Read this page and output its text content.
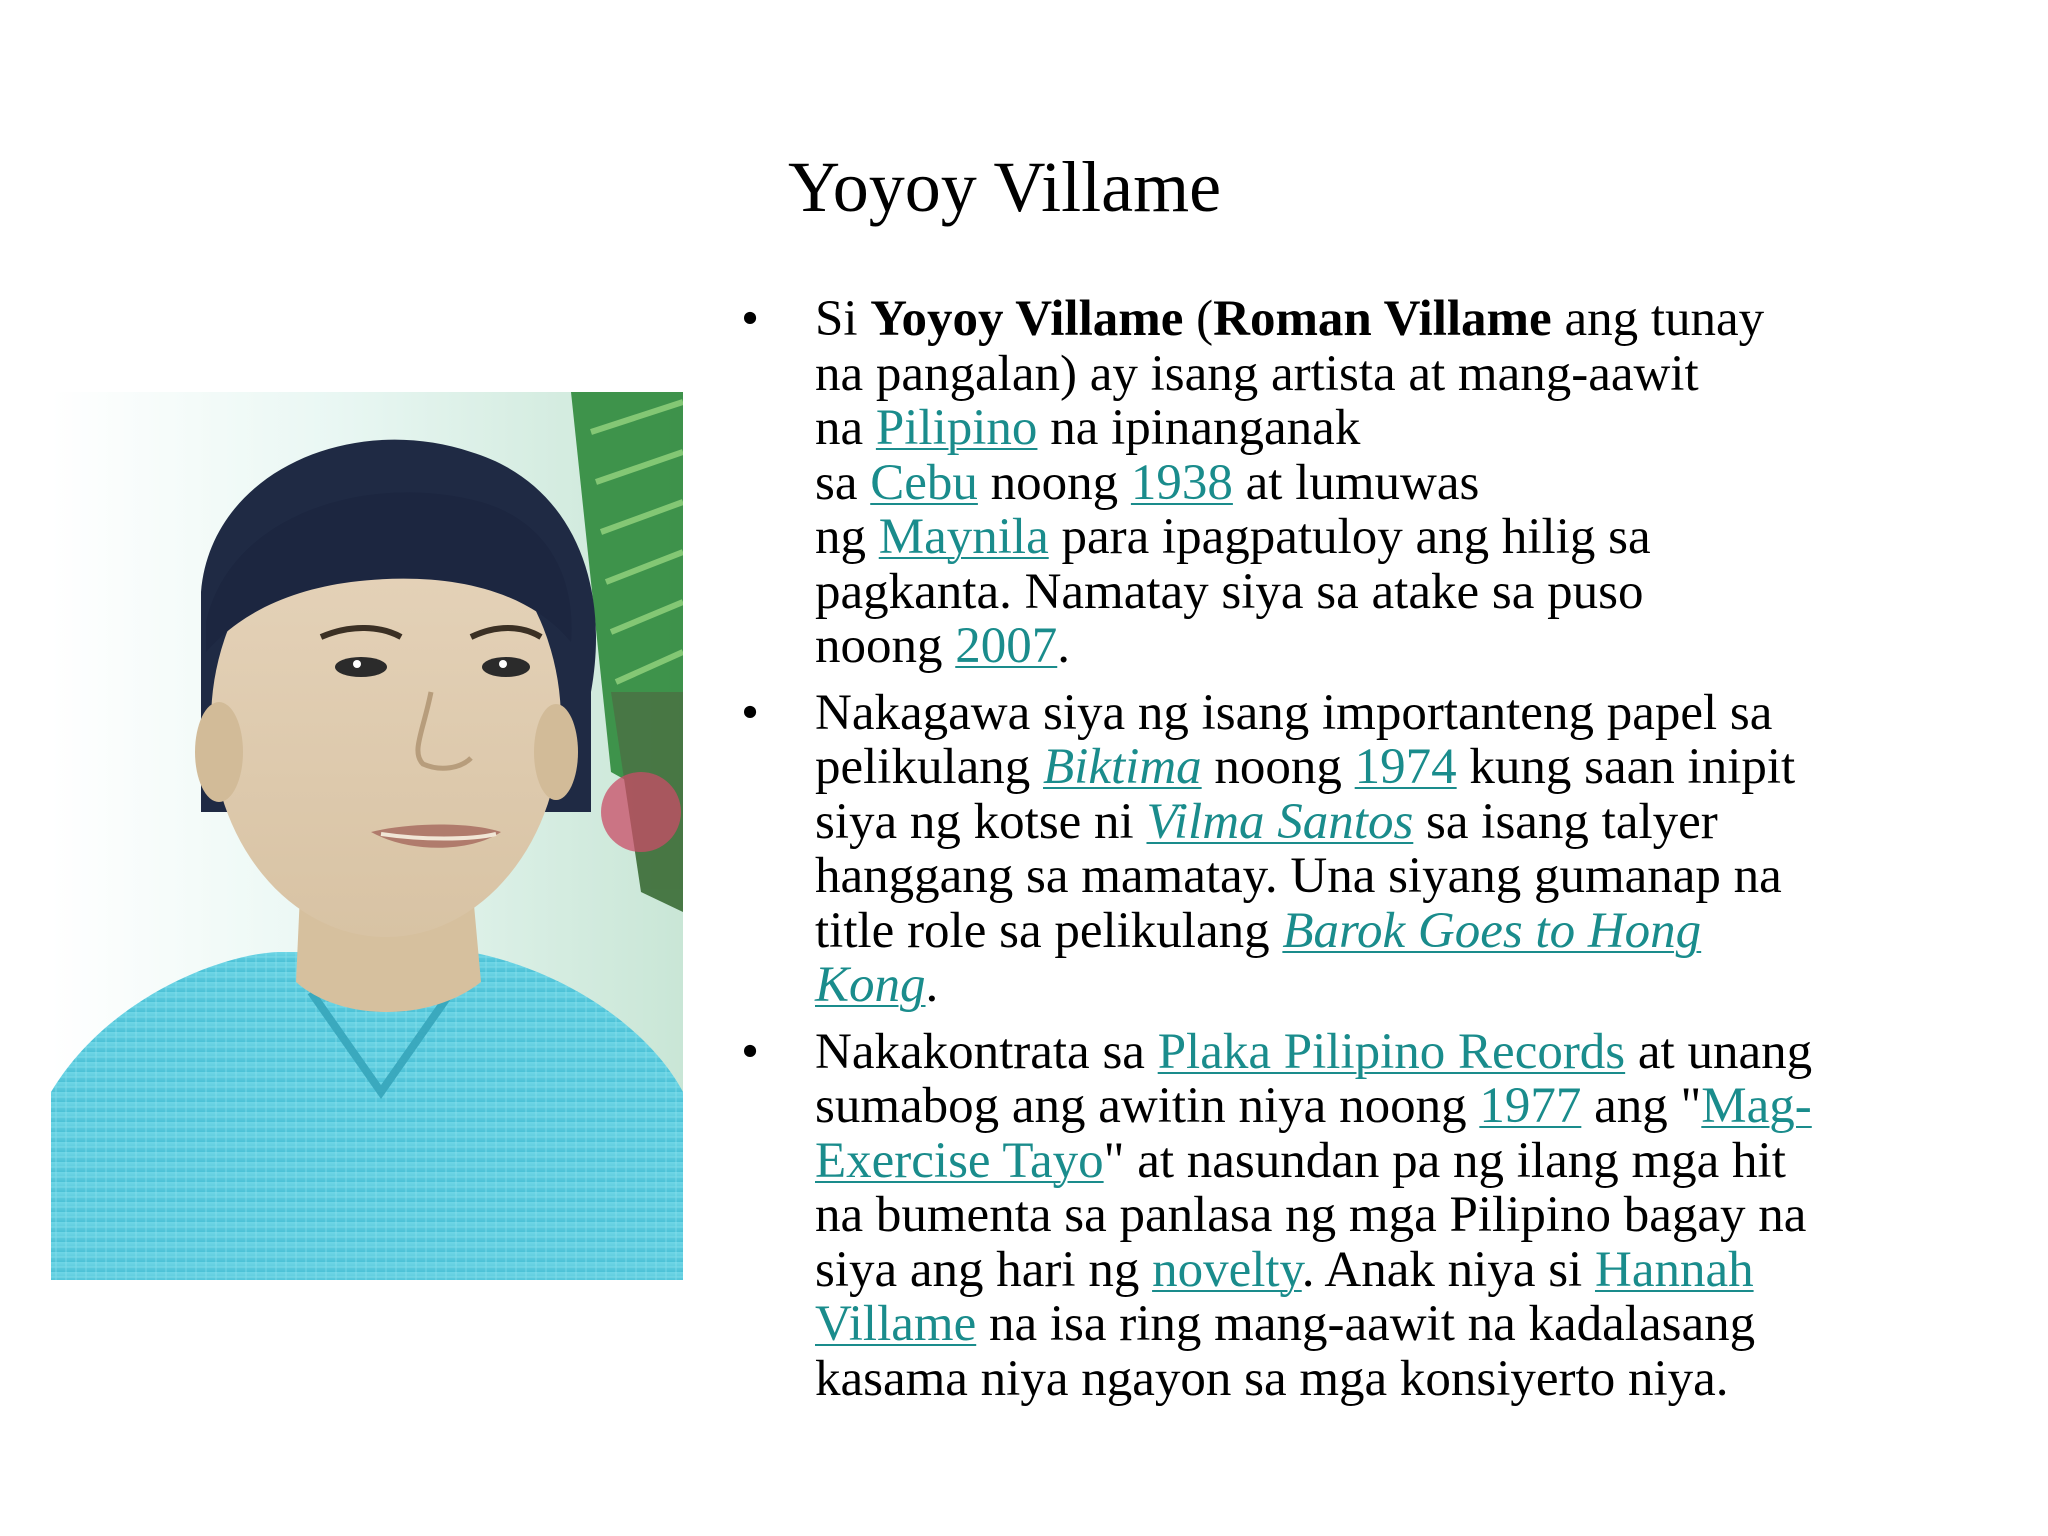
Yoyoy Villame
• Si Yoyoy Villame (Roman Villame ang tunay
na pangalan) ay isang artista at mang-aawit
na Pilipino na ipinanganak
sa Cebu noong 1938 at lumuwas
ng Maynila para ipagpatuloy ang hilig sa
pagkanta. Namatay siya sa atake sa puso
noong 2007.
• Nakagawa siya ng isang importanteng papel sa
pelikulang Biktima noong 1974 kung saan inipit
siya ng kotse ni Vilma Santos sa isang talyer
hanggang sa mamatay. Una siyang gumanap na
title role sa pelikulang Barok Goes to Hong
Kong.
• Nakakontrata sa Plaka Pilipino Records at unang
sumabog ang awitin niya noong 1977 ang "Mag-
Exercise Tayo" at nasundan pa ng ilang mga hit
na bumenta sa panlasa ng mga Pilipino bagay na
siya ang hari ng novelty. Anak niya si Hannah
Villame na isa ring mang-aawit na kadalasang
kasama niya ngayon sa mga konsiyerto niya.
